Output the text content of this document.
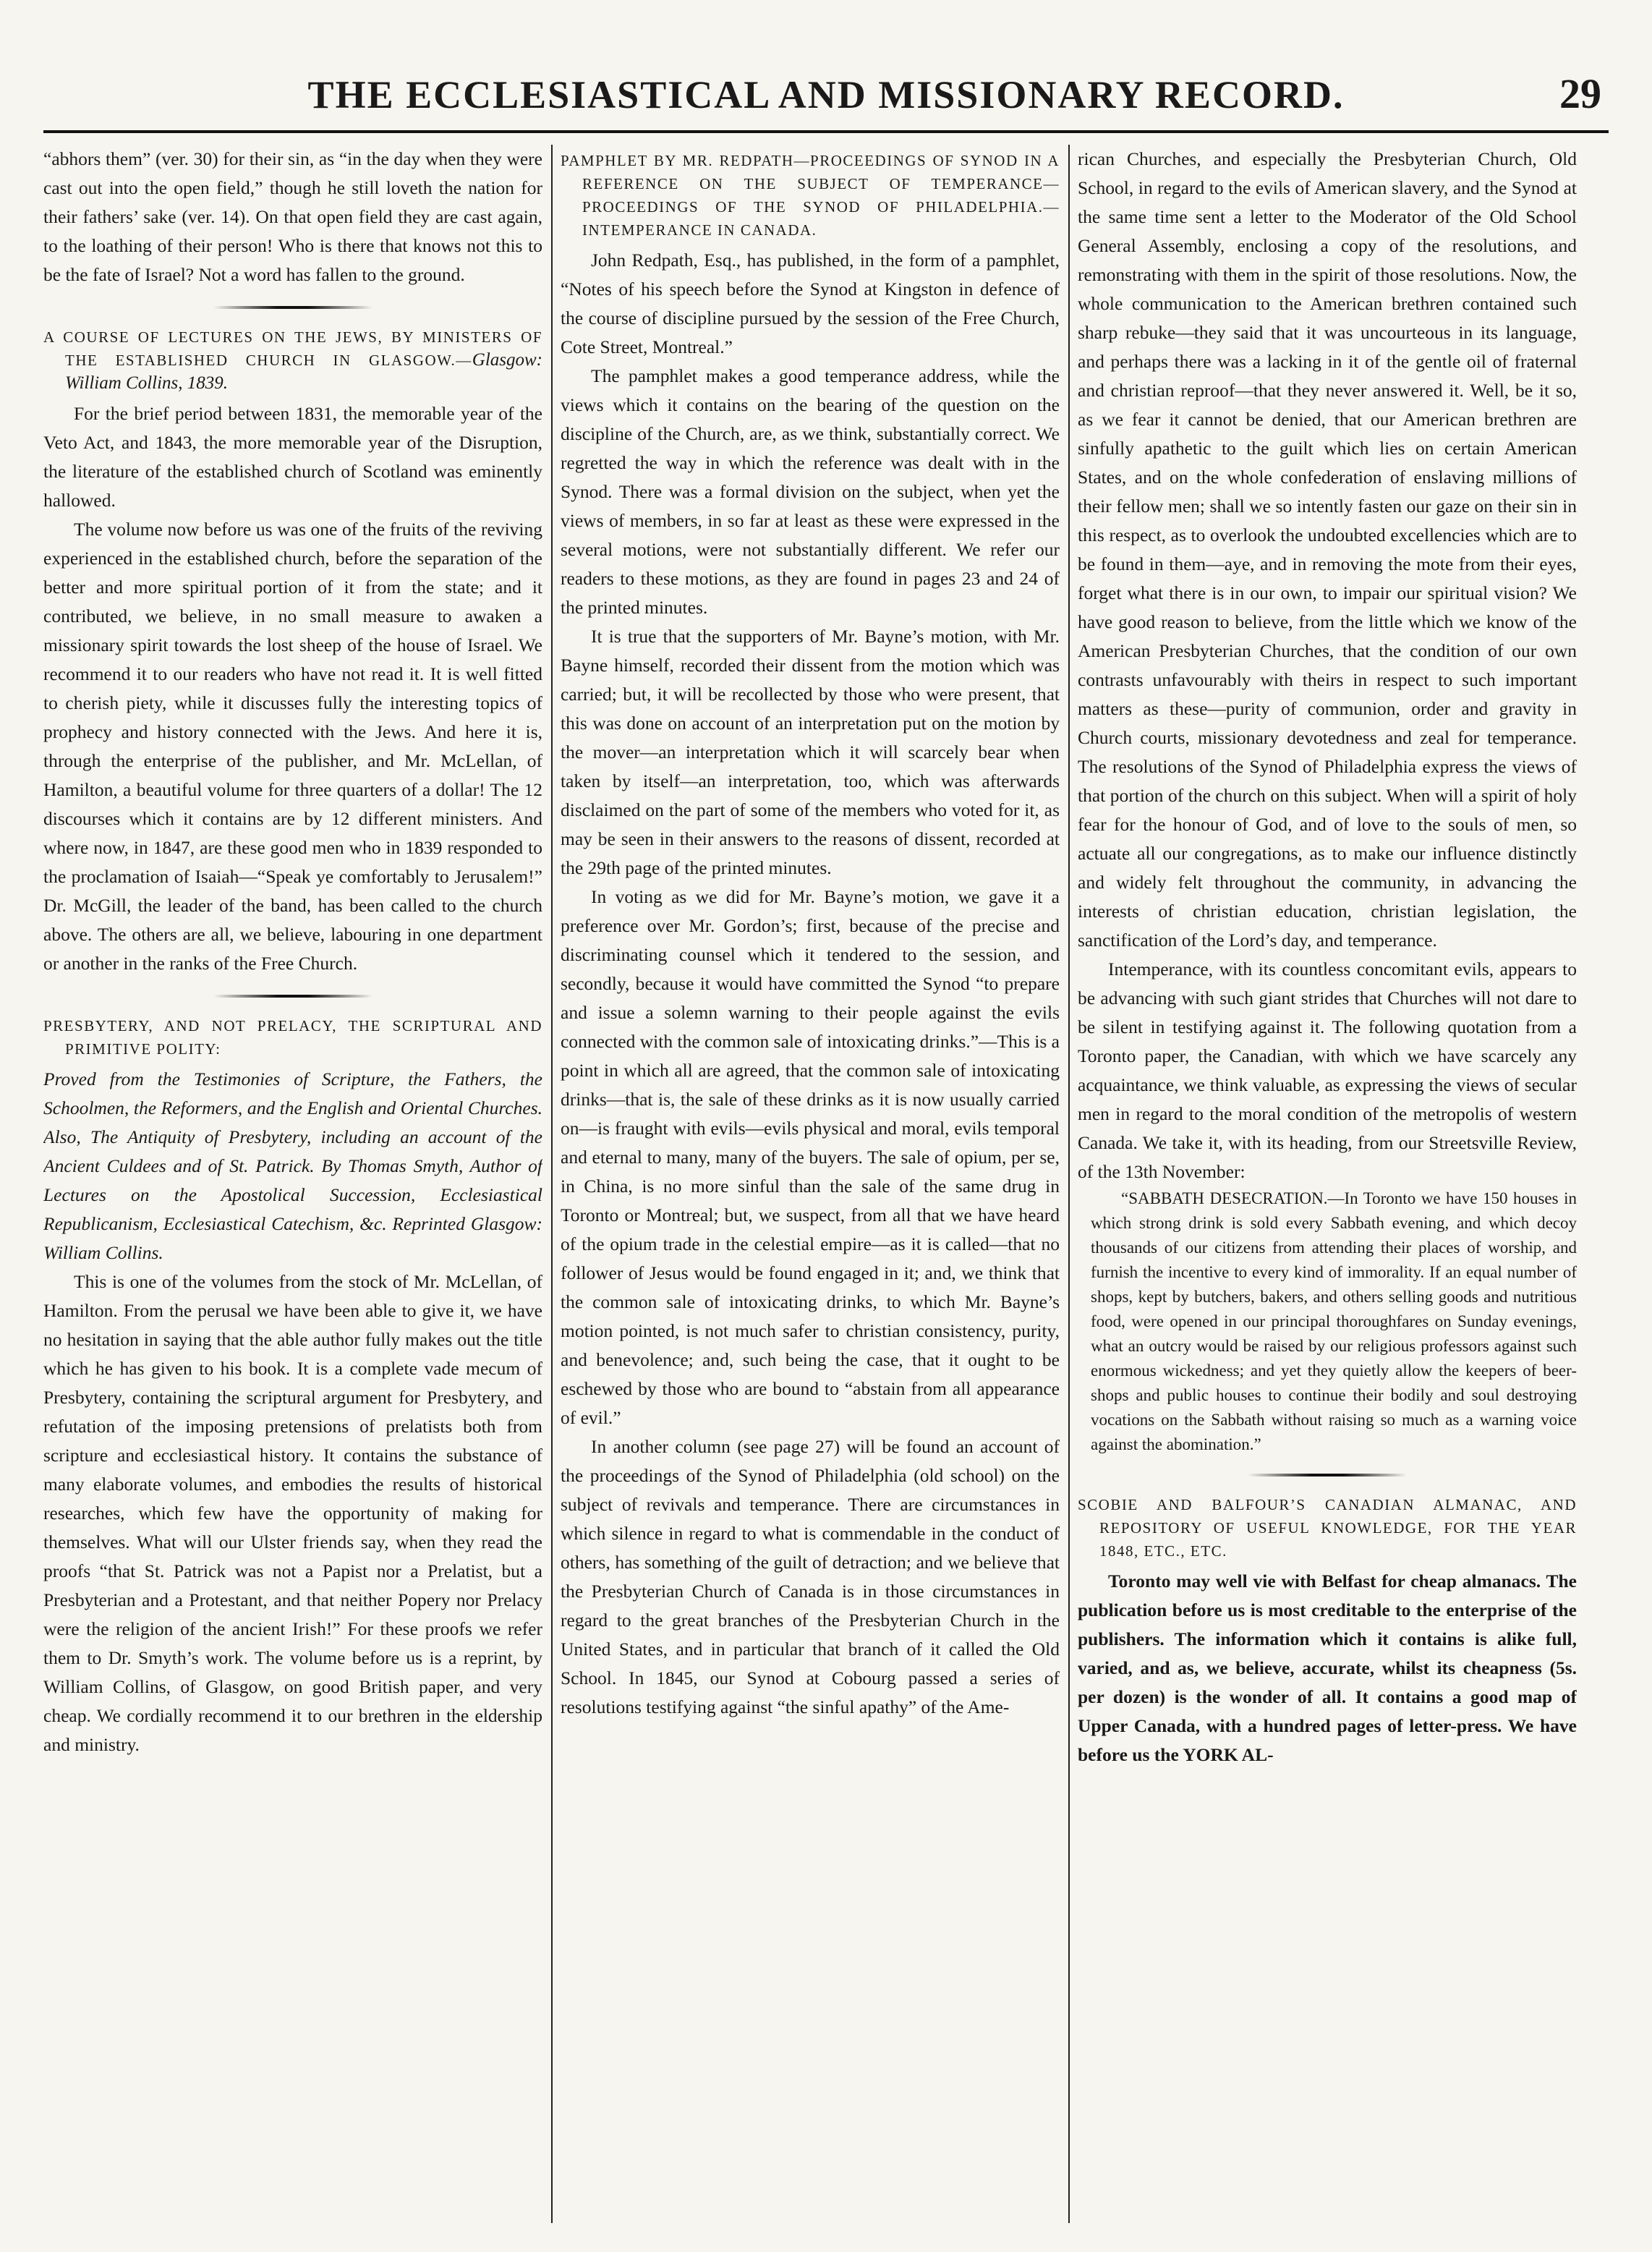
THE ECCLESIASTICAL AND MISSIONARY RECORD.	29

“abhors them” (ver. 30) for their sin, as “in the day when they were cast out into the open field,” though he still loveth the nation for their fathers’ sake (ver. 14). On that open field they are cast again, to the loathing of their person! Who is there that knows not this to be the fate of Israel? Not a word has fallen to the ground.

A COURSE OF LECTURES ON THE JEWS, BY MINISTERS OF THE ESTABLISHED CHURCH IN GLASGOW.—Glasgow: William Collins, 1839.

For the brief period between 1831, the memorable year of the Veto Act, and 1843, the more memorable year of the Disruption, the literature of the established church of Scotland was eminently hallowed.

The volume now before us was one of the fruits of the reviving experienced in the established church, before the separation of the better and more spiritual portion of it from the state; and it contributed, we believe, in no small measure to awaken a missionary spirit towards the lost sheep of the house of Israel. We recommend it to our readers who have not read it. It is well fitted to cherish piety, while it discusses fully the interesting topics of prophecy and history connected with the Jews. And here it is, through the enterprise of the publisher, and Mr. McLellan, of Hamilton, a beautiful volume for three quarters of a dollar! The 12 discourses which it contains are by 12 different ministers. And where now, in 1847, are these good men who in 1839 responded to the proclamation of Isaiah—“Speak ye comfortably to Jerusalem!” Dr. McGill, the leader of the band, has been called to the church above. The others are all, we believe, labouring in one department or another in the ranks of the Free Church.

PRESBYTERY, AND NOT PRELACY, THE SCRIPTURAL AND PRIMITIVE POLITY:

Proved from the Testimonies of Scripture, the Fathers, the Schoolmen, the Reformers, and the English and Oriental Churches. Also, The Antiquity of Presbytery, including an account of the Ancient Culdees and of St. Patrick. By Thomas Smyth, Author of Lectures on the Apostolical Succession, Ecclesiastical Republicanism, Ecclesiastical Catechism, &c. Reprinted Glasgow: William Collins.

This is one of the volumes from the stock of Mr. McLellan, of Hamilton. From the perusal we have been able to give it, we have no hesitation in saying that the able author fully makes out the title which he has given to his book. It is a complete vade mecum of Presbytery, containing the scriptural argument for Presbytery, and refutation of the imposing pretensions of prelatists both from scripture and ecclesiastical history. It contains the substance of many elaborate volumes, and embodies the results of historical researches, which few have the opportunity of making for themselves. What will our Ulster friends say, when they read the proofs “that St. Patrick was not a Papist nor a Prelatist, but a Presbyterian and a Protestant, and that neither Popery nor Prelacy were the religion of the ancient Irish!” For these proofs we refer them to Dr. Smyth’s work. The volume before us is a reprint, by William Collins, of Glasgow, on good British paper, and very cheap. We cordially recommend it to our brethren in the eldership and ministry.

PAMPHLET BY MR. REDPATH—PROCEEDINGS OF SYNOD IN A REFERENCE ON THE SUBJECT OF TEMPERANCE—PROCEEDINGS OF THE SYNOD OF PHILADELPHIA.—INTEMPERANCE IN CANADA.

John Redpath, Esq., has published, in the form of a pamphlet, “Notes of his speech before the Synod at Kingston in defence of the course of discipline pursued by the session of the Free Church, Cote Street, Montreal.”

The pamphlet makes a good temperance address, while the views which it contains on the bearing of the question on the discipline of the Church, are, as we think, substantially correct. We regretted the way in which the reference was dealt with in the Synod. There was a formal division on the subject, when yet the views of members, in so far at least as these were expressed in the several motions, were not substantially different. We refer our readers to these motions, as they are found in pages 23 and 24 of the printed minutes.

It is true that the supporters of Mr. Bayne’s motion, with Mr. Bayne himself, recorded their dissent from the motion which was carried; but, it will be recollected by those who were present, that this was done on account of an interpretation put on the motion by the mover—an interpretation which it will scarcely bear when taken by itself—an interpretation, too, which was afterwards disclaimed on the part of some of the members who voted for it, as may be seen in their answers to the reasons of dissent, recorded at the 29th page of the printed minutes.

In voting as we did for Mr. Bayne’s motion, we gave it a preference over Mr. Gordon’s; first, because of the precise and discriminating counsel which it tendered to the session, and secondly, because it would have committed the Synod “to prepare and issue a solemn warning to their people against the evils connected with the common sale of intoxicating drinks.”—This is a point in which all are agreed, that the common sale of intoxicating drinks—that is, the sale of these drinks as it is now usually carried on—is fraught with evils—evils physical and moral, evils temporal and eternal to many, many of the buyers. The sale of opium, per se, in China, is no more sinful than the sale of the same drug in Toronto or Montreal; but, we suspect, from all that we have heard of the opium trade in the celestial empire—as it is called—that no follower of Jesus would be found engaged in it; and, we think that the common sale of intoxicating drinks, to which Mr. Bayne’s motion pointed, is not much safer to christian consistency, purity, and benevolence; and, such being the case, that it ought to be eschewed by those who are bound to “abstain from all appearance of evil.”

In another column (see page 27) will be found an account of the proceedings of the Synod of Philadelphia (old school) on the subject of revivals and temperance. There are circumstances in which silence in regard to what is commendable in the conduct of others, has something of the guilt of detraction; and we believe that the Presbyterian Church of Canada is in those circumstances in regard to the great branches of the Presbyterian Church in the United States, and in particular that branch of it called the Old School. In 1845, our Synod at Cobourg passed a series of resolutions testifying against “the sinful apathy” of the Ame-

rican Churches, and especially the Presbyterian Church, Old School, in regard to the evils of American slavery, and the Synod at the same time sent a letter to the Moderator of the Old School General Assembly, enclosing a copy of the resolutions, and remonstrating with them in the spirit of those resolutions. Now, the whole communication to the American brethren contained such sharp rebuke—they said that it was uncourteous in its language, and perhaps there was a lacking in it of the gentle oil of fraternal and christian reproof—that they never answered it. Well, be it so, as we fear it cannot be denied, that our American brethren are sinfully apathetic to the guilt which lies on certain American States, and on the whole confederation of enslaving millions of their fellow men; shall we so intently fasten our gaze on their sin in this respect, as to overlook the undoubted excellencies which are to be found in them—aye, and in removing the mote from their eyes, forget what there is in our own, to impair our spiritual vision? We have good reason to believe, from the little which we know of the American Presbyterian Churches, that the condition of our own contrasts unfavourably with theirs in respect to such important matters as these—purity of communion, order and gravity in Church courts, missionary devotedness and zeal for temperance. The resolutions of the Synod of Philadelphia express the views of that portion of the church on this subject. When will a spirit of holy fear for the honour of God, and of love to the souls of men, so actuate all our congregations, as to make our influence distinctly and widely felt throughout the community, in advancing the interests of christian education, christian legislation, the sanctification of the Lord’s day, and temperance.

Intemperance, with its countless concomitant evils, appears to be advancing with such giant strides that Churches will not dare to be silent in testifying against it. The following quotation from a Toronto paper, the Canadian, with which we have scarcely any acquaintance, we think valuable, as expressing the views of secular men in regard to the moral condition of the metropolis of western Canada. We take it, with its heading, from our Streetsville Review, of the 13th November:

“SABBATH DESECRATION.—In Toronto we have 150 houses in which strong drink is sold every Sabbath evening, and which decoy thousands of our citizens from attending their places of worship, and furnish the incentive to every kind of immorality. If an equal number of shops, kept by butchers, bakers, and others selling goods and nutritious food, were opened in our principal thoroughfares on Sunday evenings, what an outcry would be raised by our religious professors against such enormous wickedness; and yet they quietly allow the keepers of beer-shops and public houses to continue their bodily and soul destroying vocations on the Sabbath without raising so much as a warning voice against the abomination.”

SCOBIE AND BALFOUR’S CANADIAN ALMANAC, AND REPOSITORY OF USEFUL KNOWLEDGE, FOR THE YEAR 1848, ETC., ETC.

Toronto may well vie with Belfast for cheap almanacs. The publication before us is most creditable to the enterprise of the publishers. The information which it contains is alike full, varied, and as, we believe, accurate, whilst its cheapness (5s. per dozen) is the wonder of all. It contains a good map of Upper Canada, with a hundred pages of letter-press. We have before us the YORK AL-
